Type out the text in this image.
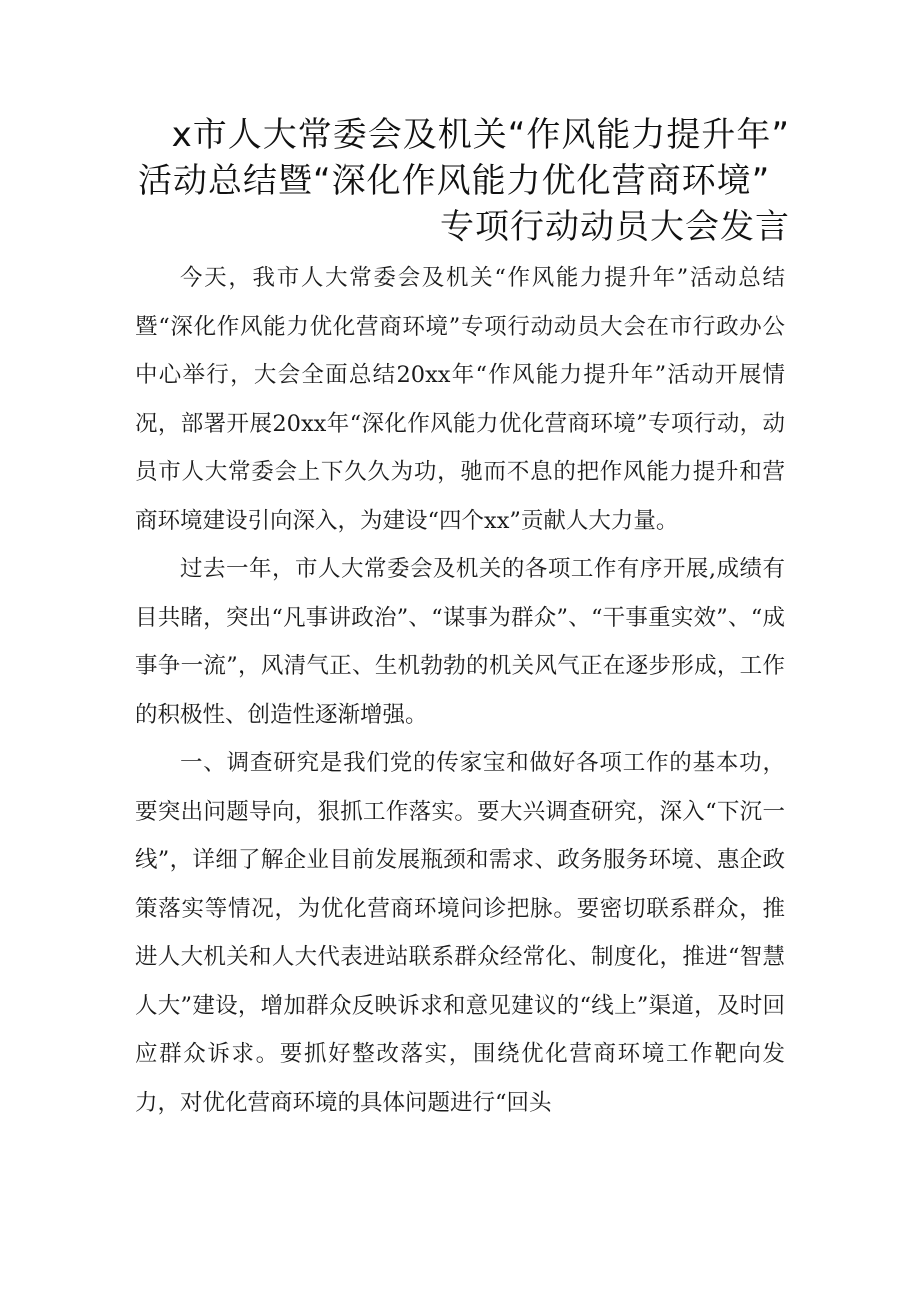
x市人大常委会及机关“作风能力提升年”
活动总结暨“深化作风能力优化营商环境”
专项行动动员大会发言

今天，我市人大常委会及机关“作风能力提升年”活动总结暨“深化作风能力优化营商环境”专项行动动员大会在市行政办公中心举行，大会全面总结20xx年“作风能力提升年”活动开展情况，部署开展20xx年“深化作风能力优化营商环境”专项行动，动员市人大常委会上下久久为功，驰而不息的把作风能力提升和营商环境建设引向深入，为建设“四个xx”贡献人大力量。

过去一年，市人大常委会及机关的各项工作有序开展,成绩有目共睹，突出“凡事讲政治”、“谋事为群众”、“干事重实效”、“成事争一流”，风清气正、生机勃勃的机关风气正在逐步形成，工作的积极性、创造性逐渐增强。

一、调查研究是我们党的传家宝和做好各项工作的基本功，要突出问题导向，狠抓工作落实。要大兴调查研究，深入“下沉一线”，详细了解企业目前发展瓶颈和需求、政务服务环境、惠企政策落实等情况，为优化营商环境问诊把脉。要密切联系群众，推进人大机关和人大代表进站联系群众经常化、制度化，推进“智慧人大”建设，增加群众反映诉求和意见建议的“线上”渠道，及时回应群众诉求。要抓好整改落实，围绕优化营商环境工作靶向发力，对优化营商环境的具体问题进行“回头
